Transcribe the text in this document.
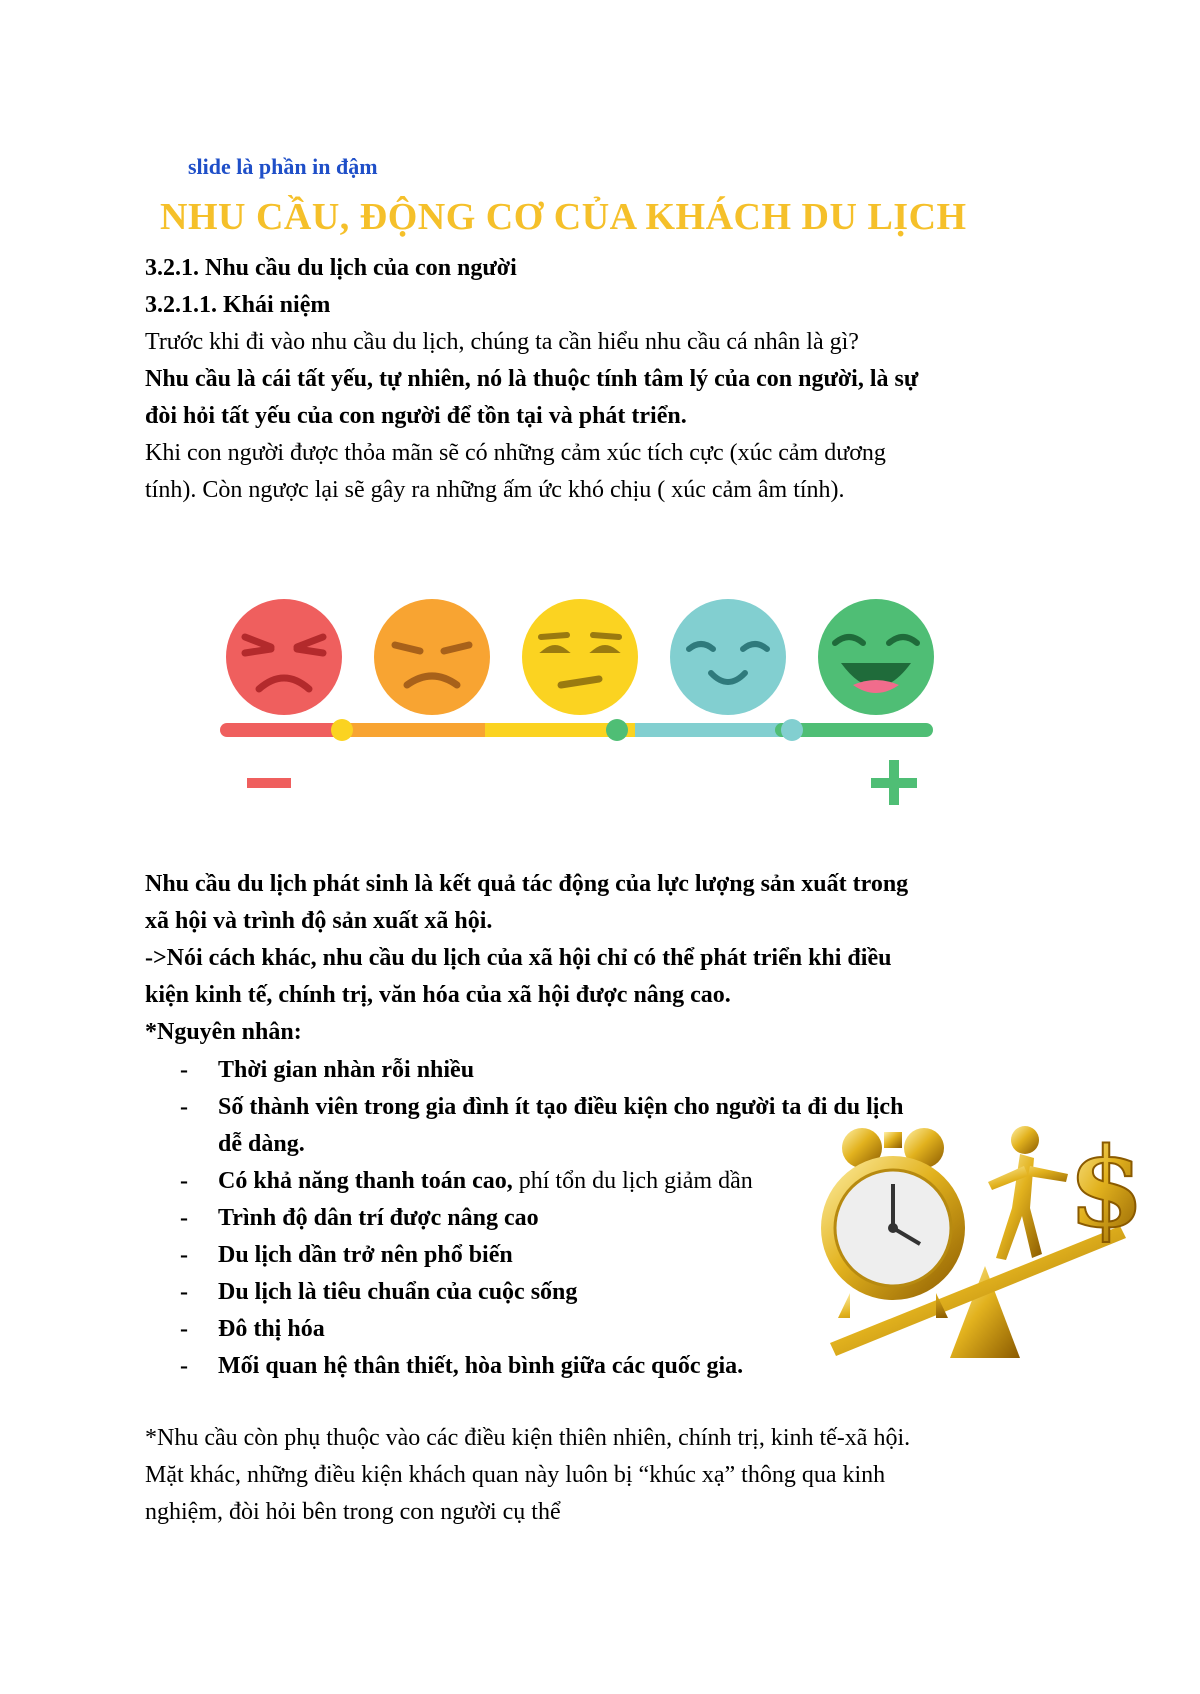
slide là phần in đậm
NHU CẦU, ĐỘNG CƠ CỦA KHÁCH DU LỊCH
3.2.1. Nhu cầu du lịch của con người
3.2.1.1. Khái niệm
Trước khi đi vào nhu cầu du lịch, chúng ta cần hiểu nhu cầu cá nhân là gì?
Nhu cầu là cái tất yếu, tự nhiên, nó là thuộc tính tâm lý của con người, là sự
đòi hỏi tất yếu của con người để tồn tại và phát triển.
Khi con người được thỏa mãn sẽ có những cảm xúc tích cực (xúc cảm dương
tính). Còn ngược lại sẽ gây ra những ấm ức khó chịu ( xúc cảm âm tính).
Nhu cầu du lịch phát sinh là kết quả tác động của lực lượng sản xuất trong
xã hội và trình độ sản xuất xã hội.
->Nói cách khác, nhu cầu du lịch của xã hội chỉ có thể phát triển khi điều
kiện kinh tế, chính trị, văn hóa của xã hội được nâng cao.
*Nguyên nhân:
- Thời gian nhàn rỗi nhiều
- Số thành viên trong gia đình ít tạo điều kiện cho người ta đi du lịch
dễ dàng.
- Có khả năng thanh toán cao, phí tổn du lịch giảm dần
- Trình độ dân trí được nâng cao
- Du lịch dần trở nên phổ biến
- Du lịch là tiêu chuẩn của cuộc sống
- Đô thị hóa
- Mối quan hệ thân thiết, hòa bình giữa các quốc gia.
$
*Nhu cầu còn phụ thuộc vào các điều kiện thiên nhiên, chính trị, kinh tế-xã hội.
Mặt khác, những điều kiện khách quan này luôn bị “khúc xạ” thông qua kinh
nghiệm, đòi hỏi bên trong con người cụ thể
